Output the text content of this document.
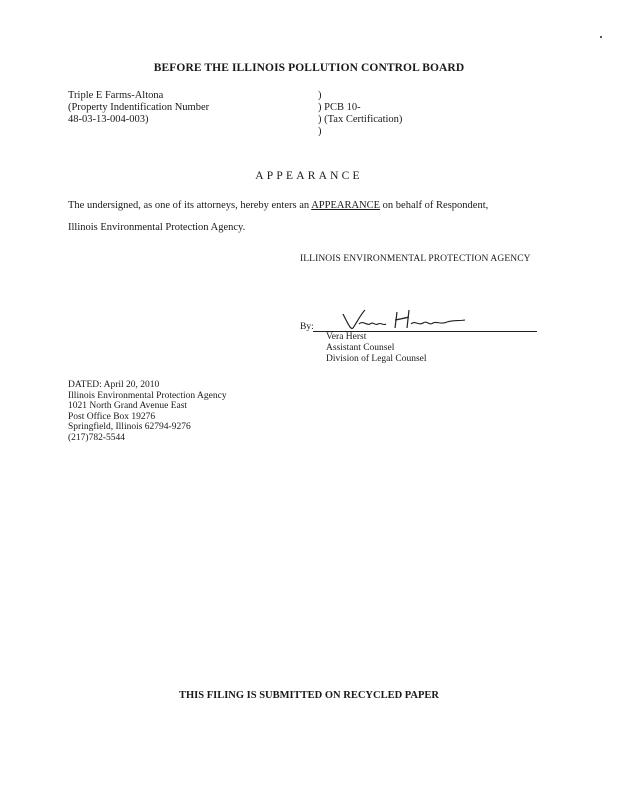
BEFORE THE ILLINOIS POLLUTION CONTROL BOARD
Triple E Farms-Altona
(Property Indentification Number
48-03-13-004-003)
)
) PCB 10-
) (Tax Certification)
)
APPEARANCE
The undersigned, as one of its attorneys, hereby enters an APPEARANCE on behalf of Respondent,
Illinois Environmental Protection Agency.
ILLINOIS ENVIRONMENTAL PROTECTION AGENCY
By:
Vera Herst
Assistant Counsel
Division of Legal Counsel
DATED: April 20, 2010
Illinois Environmental Protection Agency
1021 North Grand Avenue East
Post Office Box 19276
Springfield, Illinois 62794-9276
(217)782-5544
THIS FILING IS SUBMITTED ON RECYCLED PAPER
